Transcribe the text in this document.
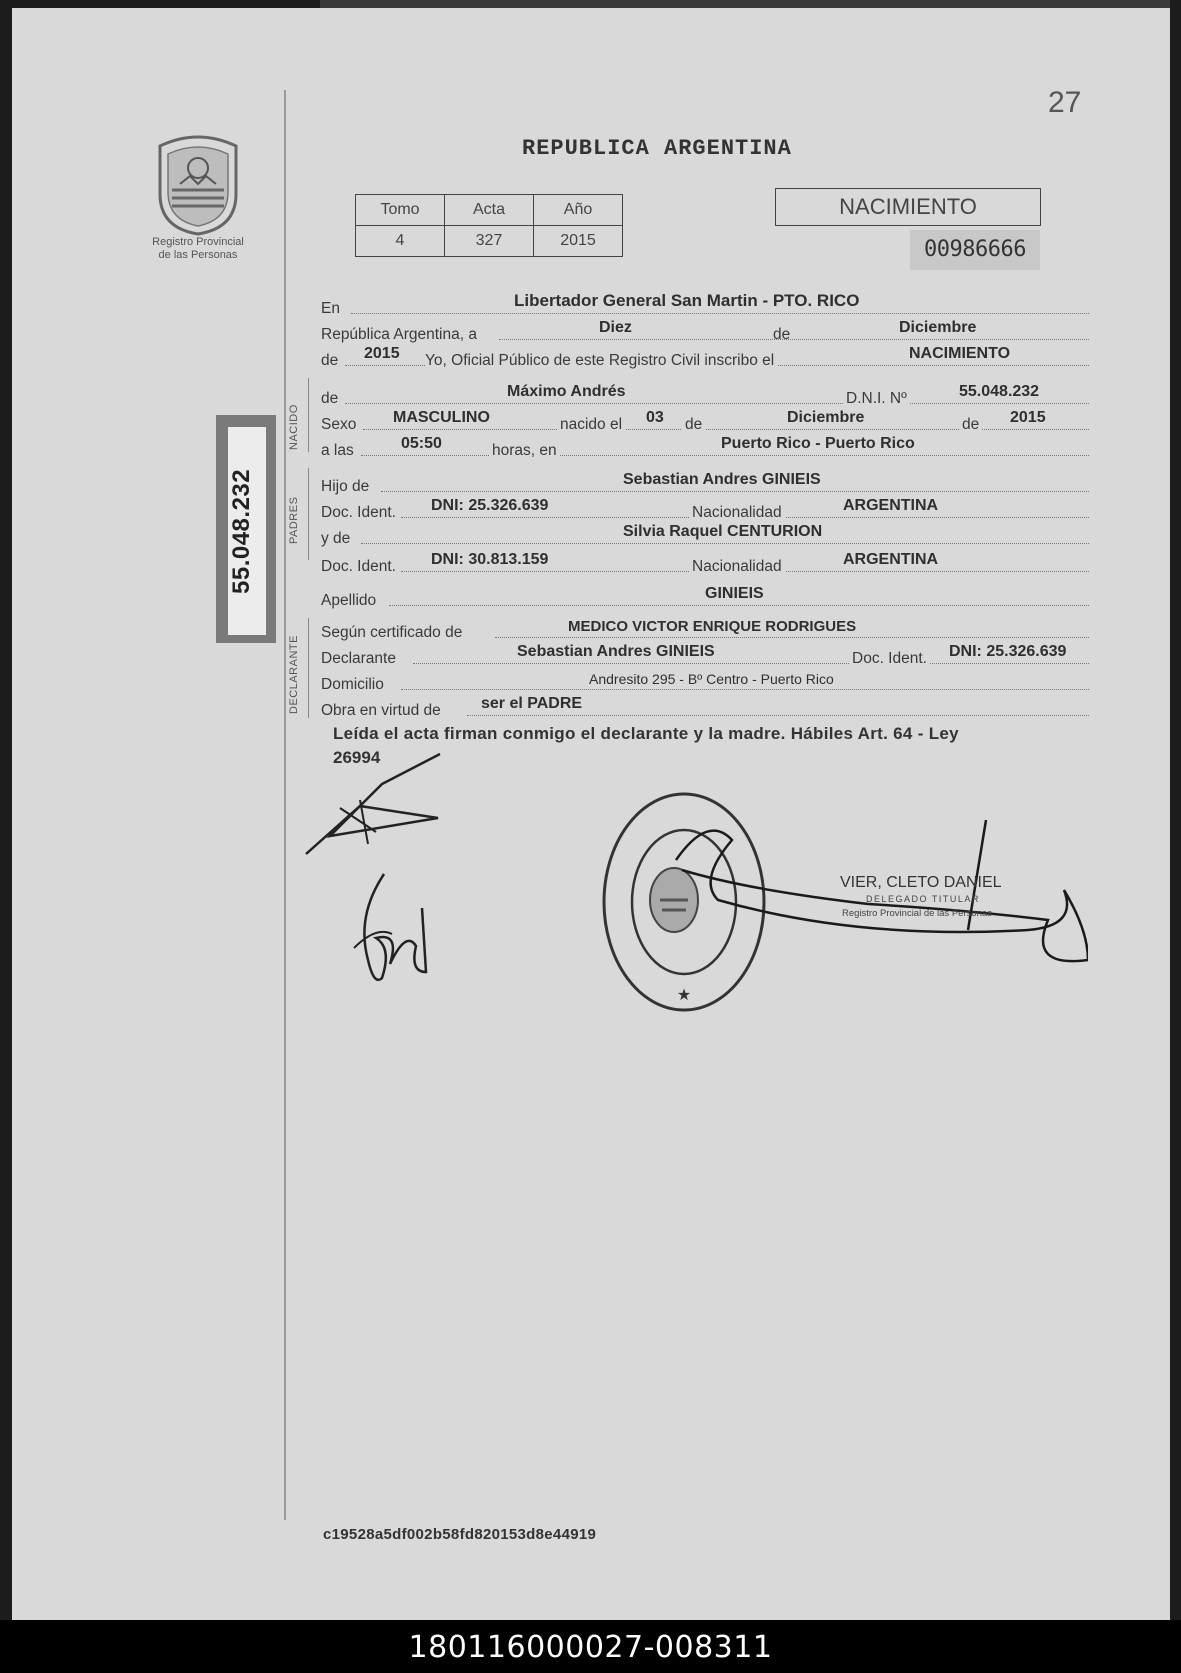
Registro Provincial
de las Personas
27
REPUBLICA ARGENTINA
Tomo	Acta	Año
4	327	2015
NACIMIENTO
00986666
55.048.232
NACIDO
PADRES
DECLARANTE
En	Libertador General San Martin - PTO. RICO
República Argentina, a	Diez	de	Diciembre
de 2015 Yo, Oficial Público de este Registro Civil inscribo el	NACIMIENTO
de	Máximo Andrés	D.N.I. Nº	55.048.232
Sexo MASCULINO	nacido el 03 de	Diciembre	de 2015
a las	05:50	horas, en	Puerto Rico - Puerto Rico
Hijo de	Sebastian Andres GINIEIS
Doc. Ident. DNI: 25.326.639	Nacionalidad	ARGENTINA
y de	Silvia Raquel CENTURION
Doc. Ident. DNI: 30.813.159	Nacionalidad	ARGENTINA
Apellido	GINIEIS
Según certificado de	MEDICO VICTOR ENRIQUE RODRIGUES
Declarante	Sebastian Andres GINIEIS	Doc. Ident. DNI: 25.326.639
Domicilio	Andresito 295 - Bº Centro - Puerto Rico
Obra en virtud de	ser el PADRE
Leída el acta firman conmigo el declarante y la madre. Hábiles Art. 64 - Ley
26994
★
VIER, CLETO DANIEL
DELEGADO TITULAR
Registro Provincial de las Personas
c19528a5df002b58fd820153d8e44919
180116000027-008311
